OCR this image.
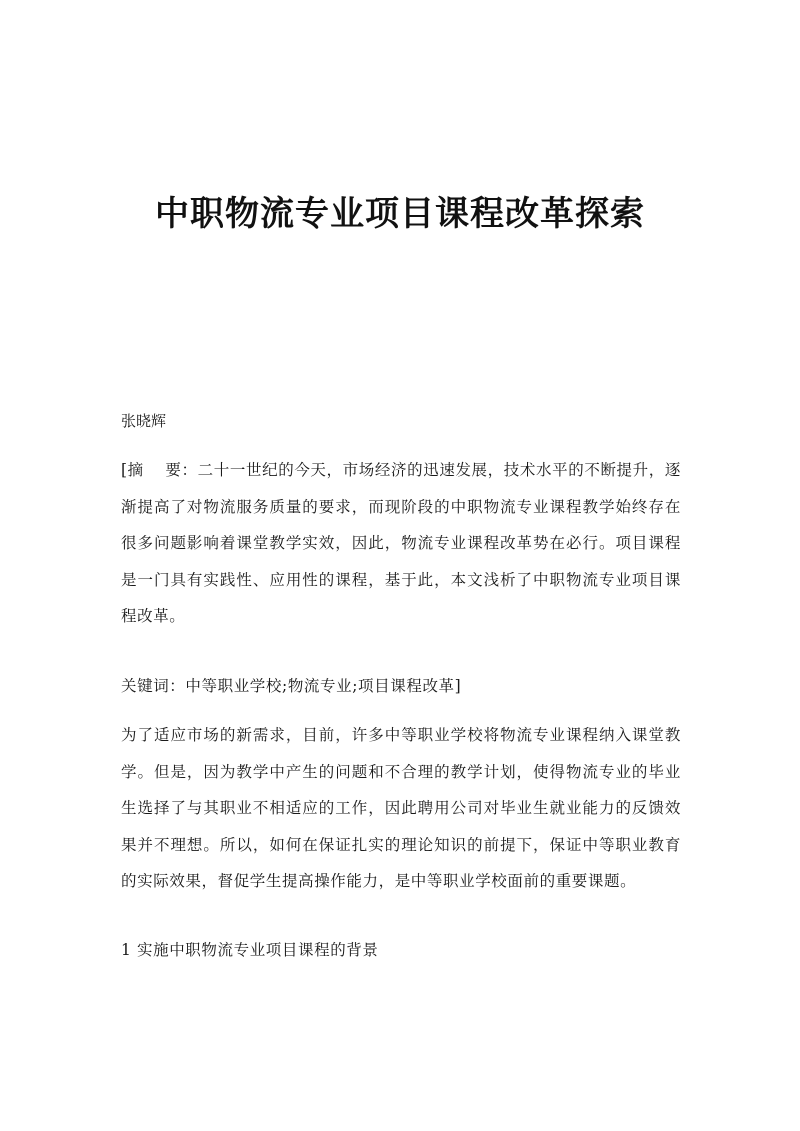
中职物流专业项目课程改革探索

张晓辉

[摘　 要：二十一世纪的今天，市场经济的迅速发展，技术水平的不断提升，逐渐提高了对物流服务质量的要求，而现阶段的中职物流专业课程教学始终存在很多问题影响着课堂教学实效，因此，物流专业课程改革势在必行。项目课程是一门具有实践性、应用性的课程，基于此，本文浅析了中职物流专业项目课程改革。

关键词：中等职业学校;物流专业;项目课程改革]

为了适应市场的新需求，目前，许多中等职业学校将物流专业课程纳入课堂教学。但是，因为教学中产生的问题和不合理的教学计划，使得物流专业的毕业生选择了与其职业不相适应的工作，因此聘用公司对毕业生就业能力的反馈效果并不理想。所以，如何在保证扎实的理论知识的前提下，保证中等职业教育的实际效果，督促学生提高操作能力，是中等职业学校面前的重要课题。

1 实施中职物流专业项目课程的背景
